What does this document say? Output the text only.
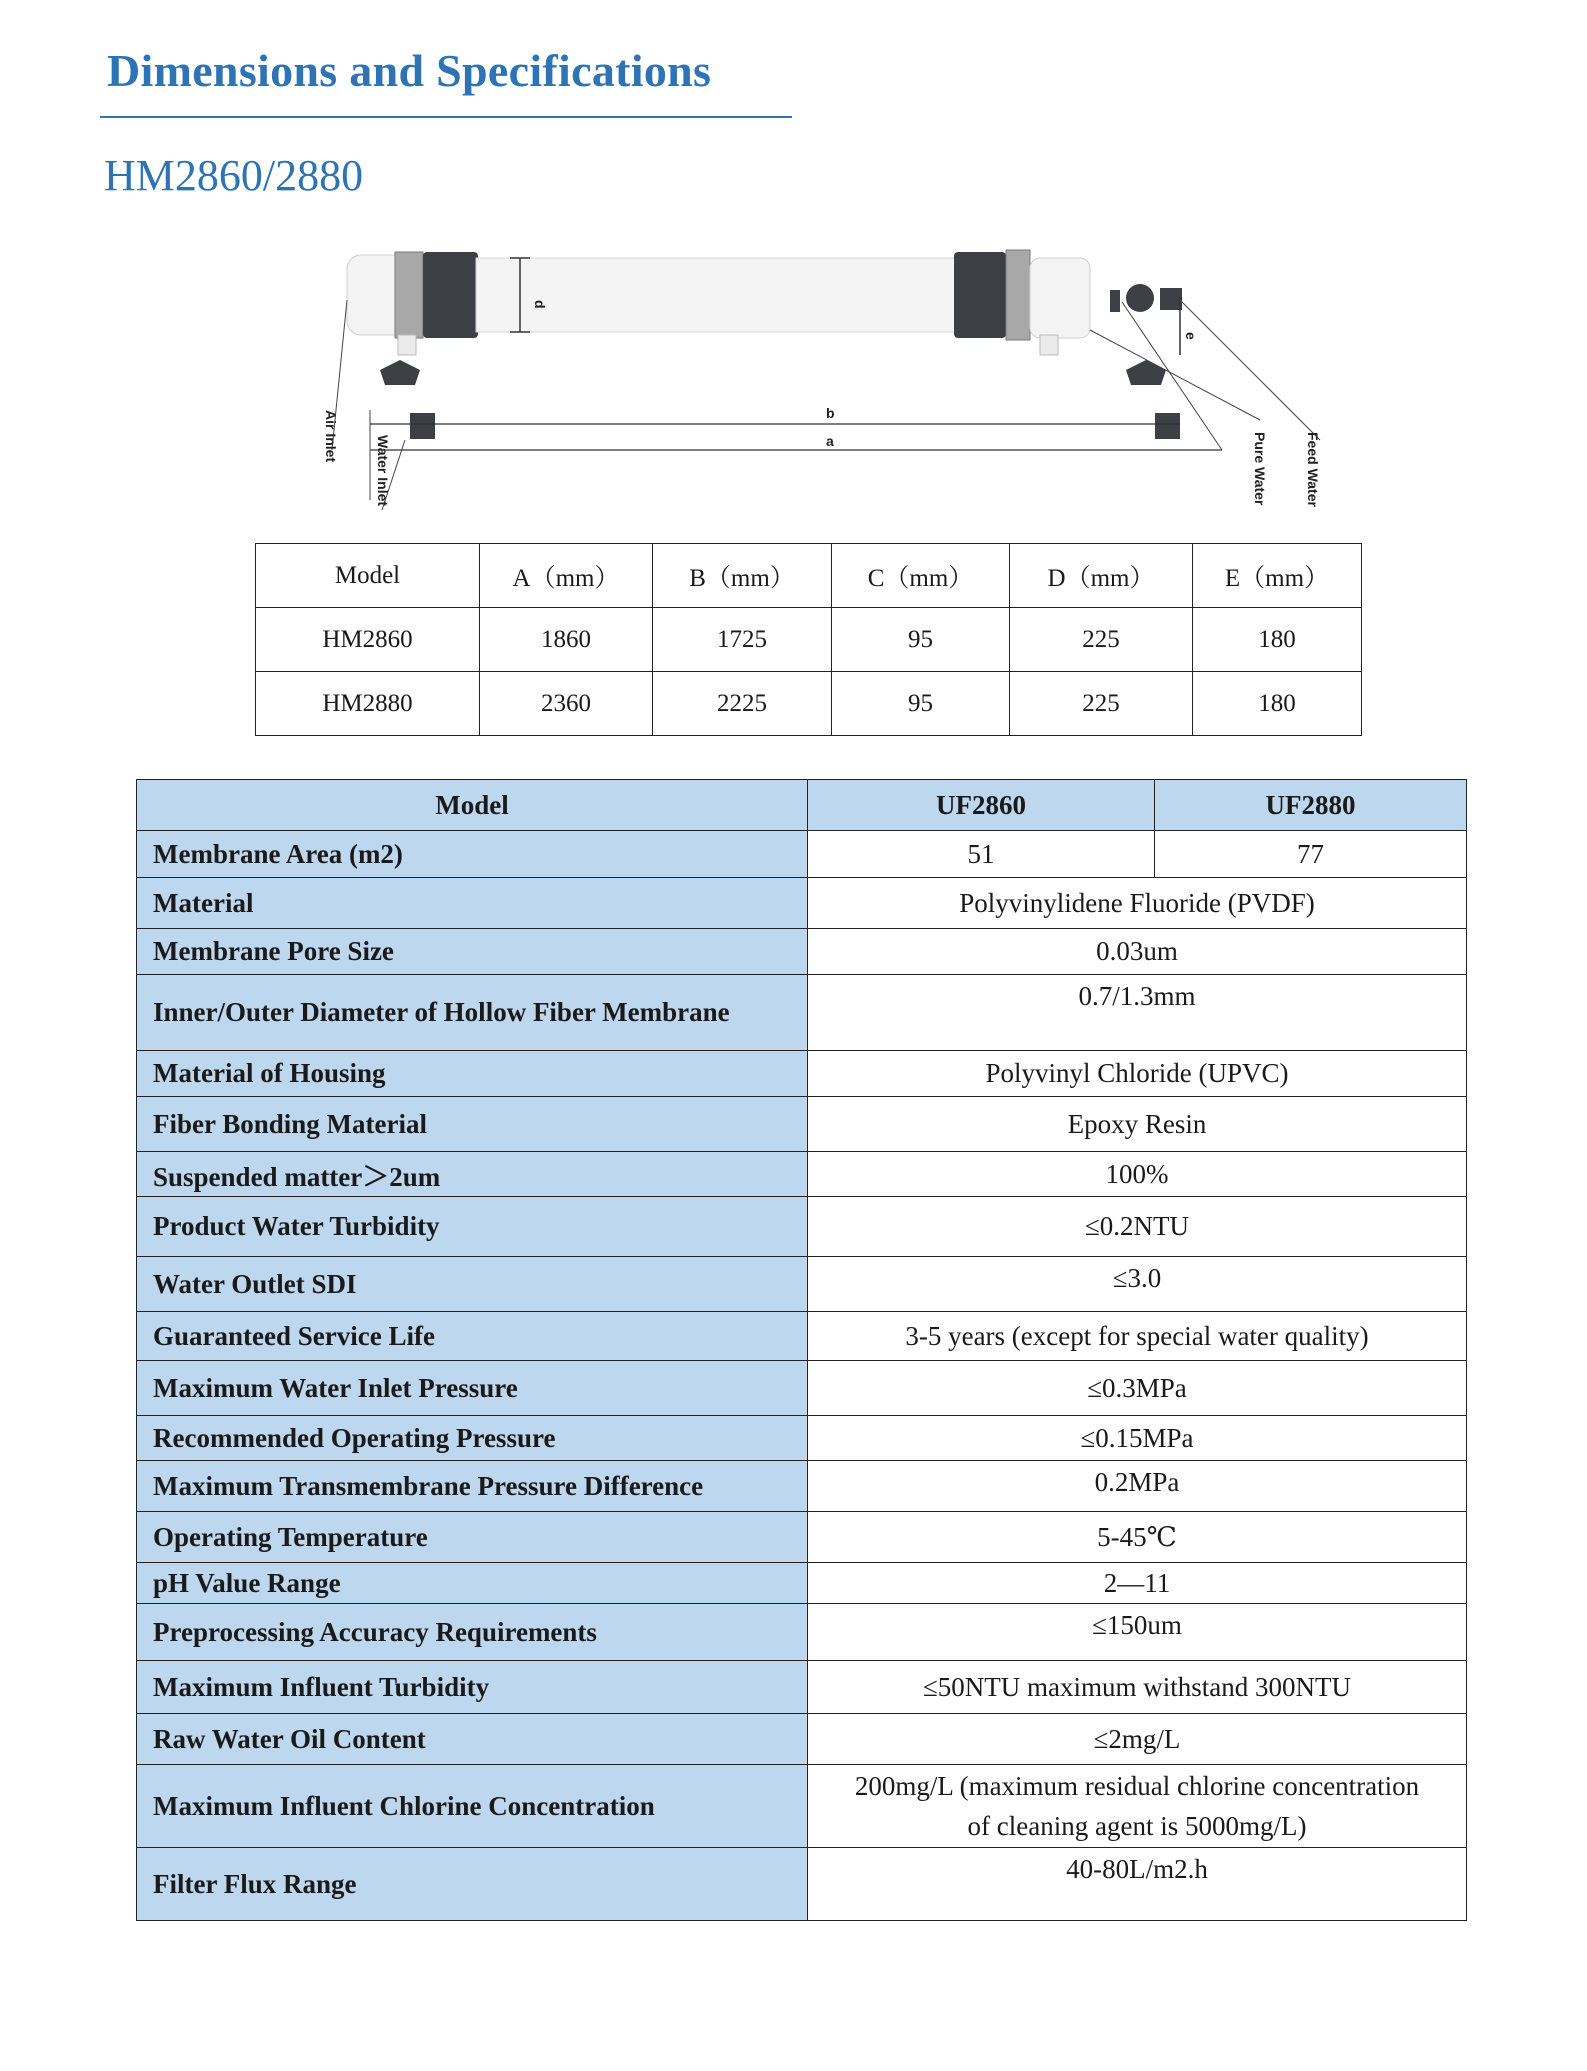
Dimensions and Specifications
HM2860/2880
d
e
b
a
Air Inlet	Water Inlet	Pure Water	Feed Water
Model	A（mm）	B（mm）	C（mm）	D（mm）	E（mm）
HM2860	1860	1725	95	225	180
HM2880	2360	2225	95	225	180
Model	UF2860	UF2880
Membrane Area (m2)	51	77
Material	Polyvinylidene Fluoride (PVDF)	
Membrane Pore Size	0.03um	
Inner/Outer Diameter of Hollow Fiber Membrane	0.7/1.3mm	
Material of Housing	Polyvinyl Chloride (UPVC)	
Fiber Bonding Material	Epoxy Resin	
Suspended matter＞2um	100%	
Product Water Turbidity	≤0.2NTU	
Water Outlet SDI	≤3.0	
Guaranteed Service Life	3-5 years (except for special water quality)	
Maximum Water Inlet Pressure	≤0.3MPa	
Recommended Operating Pressure	≤0.15MPa	
Maximum Transmembrane Pressure Difference	0.2MPa	
Operating Temperature	5-45℃	
pH Value Range	2—11	
Preprocessing Accuracy Requirements	≤150um	
Maximum Influent Turbidity	≤50NTU maximum withstand 300NTU	
Raw Water Oil Content	≤2mg/L	
Maximum Influent Chlorine Concentration	200mg/L (maximum residual chlorine concentration
of cleaning agent is 5000mg/L)	

Filter Flux Range	40-80L/m2.h	
